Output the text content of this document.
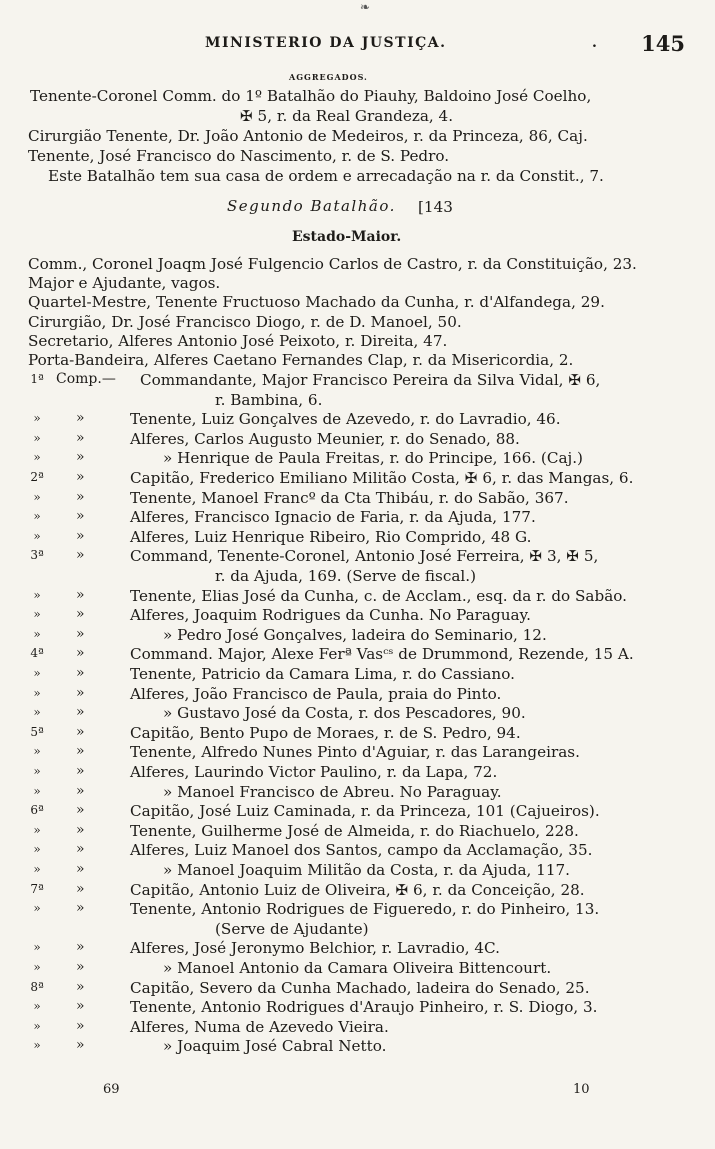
❧
MINISTERIO DA JUSTIÇA.	. 145
AGGREGADOS.
Tenente-Coronel Comm. do 1º Batalhão do Piauhy, Baldoino José Coelho,
✠ 5, r. da Real Grandeza, 4.
Cirurgião Tenente, Dr. João Antonio de Medeiros, r. da Princeza, 86, Caj.
Tenente, José Francisco do Nascimento, r. de S. Pedro.
Este Batalhão tem sua casa de ordem e arrecadação na r. da Constit., 7.
Segundo Batalhão. [143
Estado-Maior.
Comm., Coronel Joaqm José Fulgencio Carlos de Castro, r. da Constituição, 23.
Major e Ajudante, vagos.
Quartel-Mestre, Tenente Fructuoso Machado da Cunha, r. d'Alfandega, 29.
Cirurgião, Dr. José Francisco Diogo, r. de D. Manoel, 50.
Secretario, Alferes Antonio José Peixoto, r. Direita, 47.
Porta-Bandeira, Alferes Caetano Fernandes Clap, r. da Misericordia, 2.
1ª Comp.— Commandante, Major Francisco Pereira da Silva Vidal, ✠ 6,
r. Bambina, 6.
»	»	Tenente, Luiz Gonçalves de Azevedo, r. do Lavradio, 46.
»	»	Alferes, Carlos Augusto Meunier, r. do Senado, 88.
»	»	» Henrique de Paula Freitas, r. do Principe, 166. (Caj.)
2ª »	Capitão, Frederico Emiliano Militão Costa, ✠ 6, r. das Mangas, 6.
»	»	Tenente, Manoel Francº da Cta Thibáu, r. do Sabão, 367.
»	»	Alferes, Francisco Ignacio de Faria, r. da Ajuda, 177.
»	»	Alferes, Luiz Henrique Ribeiro, Rio Comprido, 48 G.
3ª »	Command, Tenente-Coronel, Antonio José Ferreira, ✠ 3, ✠ 5,
r. da Ajuda, 169. (Serve de fiscal.)
»	»	Tenente, Elias José da Cunha, c. de Acclam., esq. da r. do Sabão.
»	»	Alferes, Joaquim Rodrigues da Cunha. No Paraguay.
»	»	» Pedro José Gonçalves, ladeira do Seminario, 12.
4ª »	Command. Major, Alexe Ferª Vasᶜˢ de Drummond, Rezende, 15 A.
»	»	Tenente, Patricio da Camara Lima, r. do Cassiano.
»	»	Alferes, João Francisco de Paula, praia do Pinto.
»	»	» Gustavo José da Costa, r. dos Pescadores, 90.
5ª »	Capitão, Bento Pupo de Moraes, r. de S. Pedro, 94.
»	»	Tenente, Alfredo Nunes Pinto d'Aguiar, r. das Larangeiras.
»	»	Alferes, Laurindo Victor Paulino, r. da Lapa, 72.
»	»	» Manoel Francisco de Abreu. No Paraguay.
6ª »	Capitão, José Luiz Caminada, r. da Princeza, 101 (Cajueiros).
»	»	Tenente, Guilherme José de Almeida, r. do Riachuelo, 228.
»	»	Alferes, Luiz Manoel dos Santos, campo da Acclamação, 35.
»	»	» Manoel Joaquim Militão da Costa, r. da Ajuda, 117.
7ª »	Capitão, Antonio Luiz de Oliveira, ✠ 6, r. da Conceição, 28.
»	»	Tenente, Antonio Rodrigues de Figueredo, r. do Pinheiro, 13.
(Serve de Ajudante)
»	»	Alferes, José Jeronymo Belchior, r. Lavradio, 4C.
»	»	» Manoel Antonio da Camara Oliveira Bittencourt.
8ª »	Capitão, Severo da Cunha Machado, ladeira do Senado, 25.
»	»	Tenente, Antonio Rodrigues d'Araujo Pinheiro, r. S. Diogo, 3.
»	»	Alferes, Numa de Azevedo Vieira.
»	»	» Joaquim José Cabral Netto.
69	10
